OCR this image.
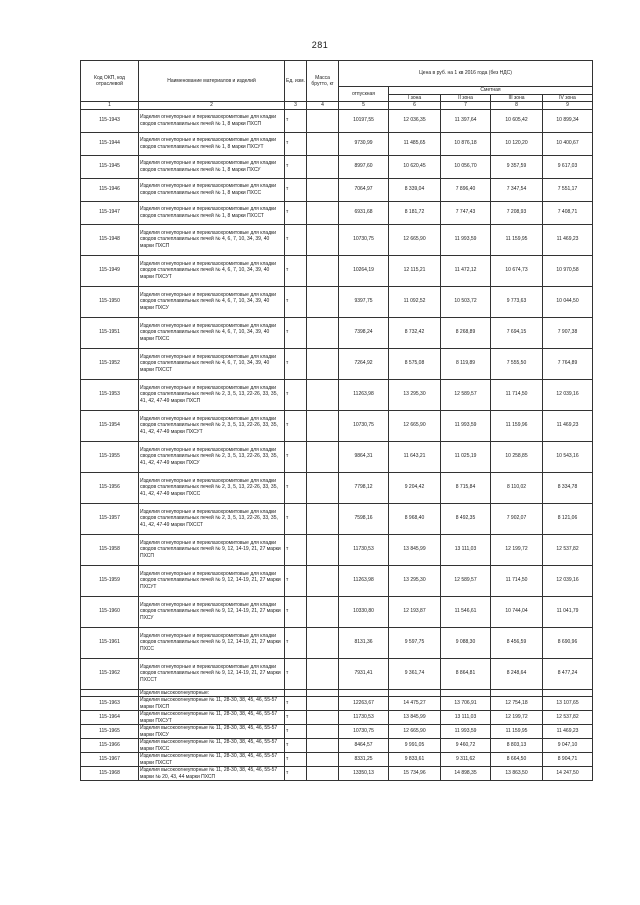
281
Код ОКП, код отраслевой	Наименование материалов и изделий	Ед. изм.	Масса брутто, кг	Цена в руб. на 1 кв 2016 года (без НДС)				
				отпускная	Сметная			
					I зона	II зона	III зона	IV зона
1	2	3	4	5	6	7	8	9
115-1943	Изделия огнеупорные и периклазохромитовые для кладки сводов сталеплавильных печей № 1, 8 марки ПХСП	т		10197,55	12 036,35	11 397,64	10 605,42	10 899,34
115-1944	Изделия огнеупорные и периклазохромитовые для кладки сводов сталеплавильных печей № 1, 8 марки ПХСУТ	т		9730,99	11 485,65	10 876,18	10 120,20	10 400,67
115-1945	Изделия огнеупорные и периклазохромитовые для кладки сводов сталеплавильных печей № 1, 8 марки ПХСУ	т		8997,60	10 620,45	10 056,70	9 357,59	9 617,03
115-1946	Изделия огнеупорные и периклазохромитовые для кладки сводов сталеплавильных печей № 1, 8 марки ПХСС	т		7064,97	8 339,04	7 896,40	7 347,54	7 551,17
115-1947	Изделия огнеупорные и периклазохромитовые для кладки сводов сталеплавильных печей № 1, 8 марки ПХССТ	т		6931,68	8 181,72	7 747,43	7 208,93	7 408,71
115-1948	Изделия огнеупорные и периклазохромитовые для кладки сводов сталеплавильных печей № 4, 6, 7, 10, 34, 39, 40 марки ПХСП	т		10730,75	12 665,90	11 993,59	11 159,95	11 469,23
115-1949	Изделия огнеупорные и периклазохромитовые для кладки сводов сталеплавильных печей № 4, 6, 7, 10, 34, 39, 40 марки ПХСУТ	т		10264,19	12 115,21	11 472,12	10 674,73	10 970,58
115-1950	Изделия огнеупорные и периклазохромитовые для кладки сводов сталеплавильных печей № 4, 6, 7, 10, 34, 39, 40 марки ПХСУ	т		9397,75	11 092,52	10 503,72	9 773,63	10 044,50
115-1951	Изделия огнеупорные и периклазохромитовые для кладки сводов сталеплавильных печей № 4, 6, 7, 10, 34, 39, 40 марки ПХСС	т		7398,24	8 732,42	8 268,89	7 694,15	7 907,38
115-1952	Изделия огнеупорные и периклазохромитовые для кладки сводов сталеплавильных печей № 4, 6, 7, 10, 34, 39, 40 марки ПХССТ	т		7264,92	8 575,08	8 119,89	7 555,50	7 764,89
115-1953	Изделия огнеупорные и периклазохромитовые для кладки сводов сталеплавильных печей № 2, 3, 5, 13, 22-26, 33, 35, 41, 42, 47-49 марки ПХСП	т		11263,98	13 295,30	12 589,57	11 714,50	12 039,16
115-1954	Изделия огнеупорные и периклазохромитовые для кладки сводов сталеплавильных печей № 2, 3, 5, 13, 22-26, 33, 35, 41, 42, 47-49 марки ПХСУТ	т		10730,75	12 665,90	11 993,59	11 159,96	11 469,23
115-1955	Изделия огнеупорные и периклазохромитовые для кладки сводов сталеплавильных печей № 2, 3, 5, 13, 22-26, 33, 35, 41, 42, 47-49 марки ПХСУ	т		9864,31	11 643,21	11 025,19	10 258,85	10 543,16
115-1956	Изделия огнеупорные и периклазохромитовые для кладки сводов сталеплавильных печей № 2, 3, 5, 13, 22-26, 33, 35, 41, 42, 47-49 марки ПХСС	т		7798,12	9 204,42	8 715,84	8 110,02	8 334,78
115-1957	Изделия огнеупорные и периклазохромитовые для кладки сводов сталеплавильных печей № 2, 3, 5, 13, 22-26, 33, 35, 41, 42, 47-49 марки ПХССТ	т		7598,16	8 968,40	8 492,35	7 902,07	8 121,06
115-1958	Изделия огнеупорные и периклазохромитовые для кладки сводов сталеплавильных печей № 9, 12, 14-19, 21, 27 марки ПХСП	т		11730,53	13 845,99	13 111,03	12 199,72	12 537,82
115-1959	Изделия огнеупорные и периклазохромитовые для кладки сводов сталеплавильных печей № 9, 12, 14-19, 21, 27 марки ПХСУТ	т		11263,98	13 295,30	12 589,57	11 714,50	12 039,16
115-1960	Изделия огнеупорные и периклазохромитовые для кладки сводов сталеплавильных печей № 9, 12, 14-19, 21, 27 марки ПХСУ	т		10330,80	12 193,87	11 546,61	10 744,04	11 041,79
115-1961	Изделия огнеупорные и периклазохромитовые для кладки сводов сталеплавильных печей № 9, 12, 14-19, 21, 27 марки ПХСС	т		8131,36	9 597,75	9 088,30	8 456,59	8 690,96
115-1962	Изделия огнеупорные и периклазохромитовые для кладки сводов сталеплавильных печей № 9, 12, 14-19, 21, 27 марки ПХССТ	т		7931,41	9 361,74	8 864,81	8 248,64	8 477,24
	Изделия высокоогнеупорные:							
115-1963	Изделия высокоогнеупорные № 11, 28-30, 38, 45, 46, 55-57 марки ПХСП	т		12263,67	14 475,27	13 706,91	12 754,18	13 107,65
115-1964	Изделия высокоогнеупорные № 11, 28-30, 38, 45, 46, 55-57 марки ПХСУТ	т		11730,53	13 845,99	13 111,03	12 199,72	12 537,82
115-1965	Изделия высокоогнеупорные № 11, 28-30, 38, 45, 46, 55-57 марки ПХСУ	т		10730,75	12 665,90	11 993,59	11 159,95	11 469,23
115-1966	Изделия высокоогнеупорные № 11, 28-30, 38, 45, 46, 55-57 марки ПХСС	т		8464,57	9 991,05	9 460,72	8 803,13	9 047,10
115-1967	Изделия высокоогнеупорные № 11, 28-30, 38, 45, 46, 55-57 марки ПХССТ	т		8331,25	9 833,61	9 311,62	8 664,50	8 904,71
115-1968	Изделия высокоогнеупорные № 11, 28-30, 38, 45, 46, 55-57 марки № 20, 43, 44 марки ПХСП	т		13350,13	15 734,96	14 898,35	13 863,50	14 247,50
